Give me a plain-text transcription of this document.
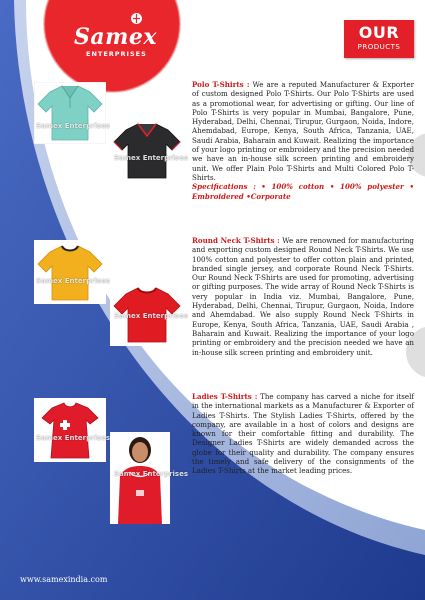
Samex
ENTERPRISES
OUR
PRODUCTS
Samex Enterprises
Samex Enterprises
Samex Enterprises
Samex Enterprises
Samex Enterprises
Samex Enterprises
Polo T-Shirts : We are a reputed Manufacturer & Exporter of custom designed Polo T-Shirts. Our Polo T-Shirts are used as a promotional wear, for advertising or gifting. Our line of Polo T-Shirts is very popular in Mumbai, Bangalore, Pune, Hyderabad, Delhi, Chennai, Tirupur, Gurgaon, Noida, Indore, Ahemdabad, Europe, Kenya, South Africa, Tanzania, UAE, Saudi Arabia, Baharain and Kuwait. Realizing the importance of your logo printing or embroidery and the precision needed we have an in-house silk screen printing and embroidery unit. We offer Plain Polo T-Shirts and Multi Colored Polo T-Shirts.
Specifications : • 100% cotton • 100% polyester • Embroidered •Corporate
Round Neck T-Shirts : We are renowned for manufacturing and exporting custom designed Round Neck T-Shirts. We use 100% cotton and polyester to offer cotton plain and printed, branded single jersey, and corporate Round Neck T-Shirts. Our Round Neck T-Shirts are used for promoting, advertising or gifting purposes. The wide array of Round Neck T-Shirts is very popular in India viz. Mumbai, Bangalore, Pune, Hyderabad, Delhi, Chennai, Tirupur, Gurgaon, Noida, Indore and Ahemdabad. We also supply Round Neck T-Shirts in Europe, Kenya, South Africa, Tanzania, UAE, Saudi Arabia , Baharain and Kuwait. Realizing the importance of your logo printing or embroidery and the precision needed we have an in-house silk screen printing and embroidery unit.
Ladies T-Shirts : The company has carved a niche for itself in the international markets as a Manufacturer & Exporter of Ladies T-Shirts. The Stylish Ladies T-Shirts, offered by the company, are available in a host of colors and designs are known for their comfortable fitting and durability. The Designer Ladies T-Shirts are widely demanded across the globe for their quality and durability. The company ensures the timely and safe delivery of the consignments of the Ladies T-Shirts at the market leading prices.
www.samexindia.com
